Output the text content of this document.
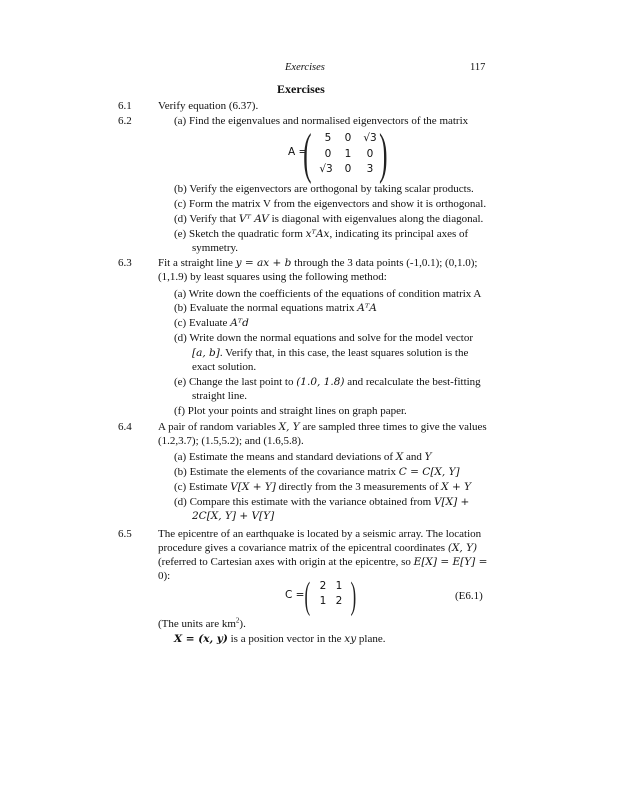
Exercises	117
Exercises
6.1 Verify equation (6.37).
6.2	(a) Find the eigenvalues and normalised eigenvectors of the matrix
A =
(	5	0	√3
0	1	0
√3	0	3 )
(b) Verify the eigenvectors are orthogonal by taking scalar products.
(c) Form the matrix V from the eigenvectors and show it is orthogonal.
(d) Verify that Vᵀ AV is diagonal with eigenvalues along the diagonal.
(e) Sketch the quadratic form xᵀAx, indicating its principal axes of
symmetry.
6.3 Fit a straight line y = ax + b through the 3 data points (-1,0.1); (0,1.0);
(1,1.9) by least squares using the following method:
(a) Write down the coefficients of the equations of condition matrix A
(b) Evaluate the normal equations matrix AᵀA
(c) Evaluate Aᵀd
(d) Write down the normal equations and solve for the model vector
[a, b]. Verify that, in this case, the least squares solution is the
exact solution.
(e) Change the last point to (1.0, 1.8) and recalculate the best-fitting
straight line.
(f) Plot your points and straight lines on graph paper.
6.4 A pair of random variables X, Y are sampled three times to give the values
(1.2,3.7); (1.5,5.2); and (1.6,5.8).
(a) Estimate the means and standard deviations of X and Y
(b) Estimate the elements of the covariance matrix C = C[X, Y]
(c) Estimate V[X + Y] directly from the 3 measurements of X + Y
(d) Compare this estimate with the variance obtained from V[X] +
2C[X, Y] + V[Y]
6.5 The epicentre of an earthquake is located by a seismic array. The location
procedure gives a covariance matrix of the epicentral coordinates (X, Y)
(referred to Cartesian axes with origin at the epicentre, so E[X] = E[Y] =
0):
C = ( 2 1
1 2 )	(E6.1)
(The units are $km^2$).
X = (x, y) is a position vector in the xy plane.
